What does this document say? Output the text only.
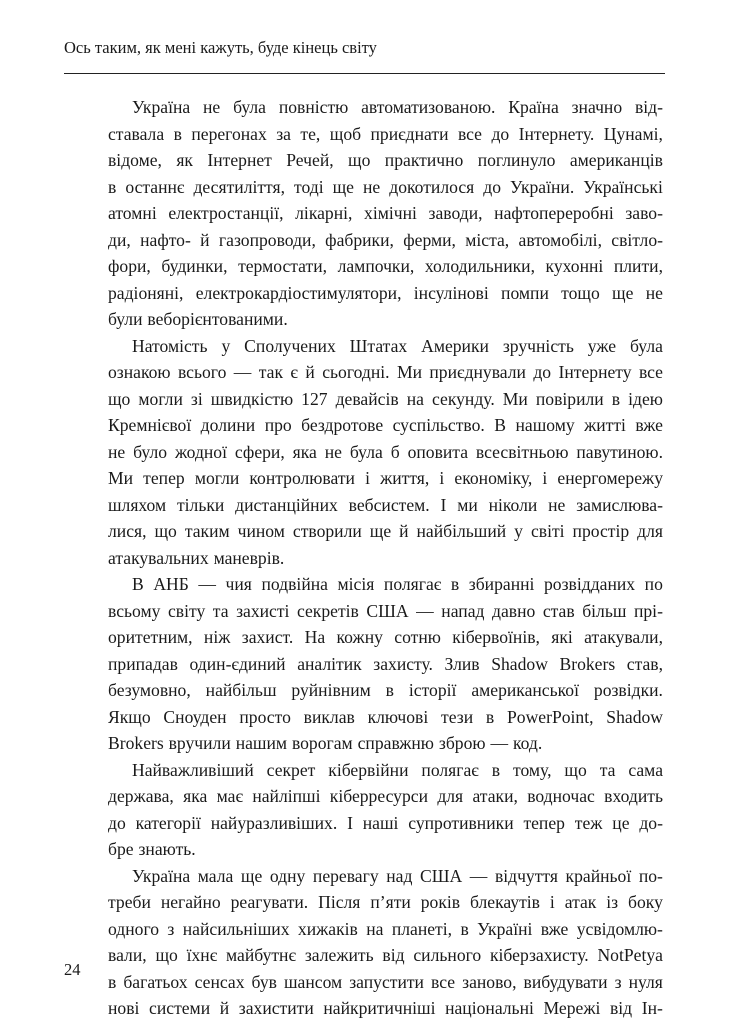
Ось таким, як мені кажуть, буде кінець світу
Україна не була повністю автоматизованою. Країна значно від-
ставала в перегонах за те, щоб приєднати все до Інтернету. Цунамі,
відоме, як Інтернет Речей, що практично поглинуло американців
в останнє десятиліття, тоді ще не докотилося до України. Українські
атомні електростанції, лікарні, хімічні заводи, нафтопереробні заво-
ди, нафто- й газопроводи, фабрики, ферми, міста, автомобілі, світло-
фори, будинки, термостати, лампочки, холодильники, кухонні плити,
радіоняні, електрокардіостимулятори, інсулінові помпи тощо ще не
були веборієнтованими.
Натомість у Сполучених Штатах Америки зручність уже була
ознакою всього — так є й сьогодні. Ми приєднували до Інтернету все
що могли зі швидкістю 127 девайсів на секунду. Ми повірили в ідею
Кремнієвої долини про бездротове суспільство. В нашому житті вже
не було жодної сфери, яка не була б оповита всесвітньою павутиною.
Ми тепер могли контролювати і життя, і економіку, і енергомережу
шляхом тільки дистанційних вебсистем. І ми ніколи не замислюва-
лися, що таким чином створили ще й найбільший у світі простір для
атакувальних маневрів.
В АНБ — чия подвійна місія полягає в збиранні розвідданих по
всьому світу та захисті секретів США — напад давно став більш прі-
оритетним, ніж захист. На кожну сотню кібервоїнів, які атакували,
припадав один-єдиний аналітик захисту. Злив Shadow Brokers став,
безумовно, найбільш руйнівним в історії американської розвідки.
Якщо Сноуден просто виклав ключові тези в PowerPoint, Shadow
Brokers вручили нашим ворогам справжню зброю — код.
Найважливіший секрет кібервійни полягає в тому, що та сама
держава, яка має найліпші кіберресурси для атаки, водночас входить
до категорії найуразливіших. І наші супротивники тепер теж це до-
бре знають.
Україна мала ще одну перевагу над США — відчуття крайньої по-
треби негайно реагувати. Після п’яти років блекаутів і атак із боку
одного з найсильніших хижаків на планеті, в Україні вже усвідомлю-
вали, що їхнє майбутнє залежить від сильного кіберзахисту. NotPetya
в багатьох сенсах був шансом запустити все заново, вибудувати з нуля
нові системи й захистити найкритичніші національні Мережі від Ін-
24
